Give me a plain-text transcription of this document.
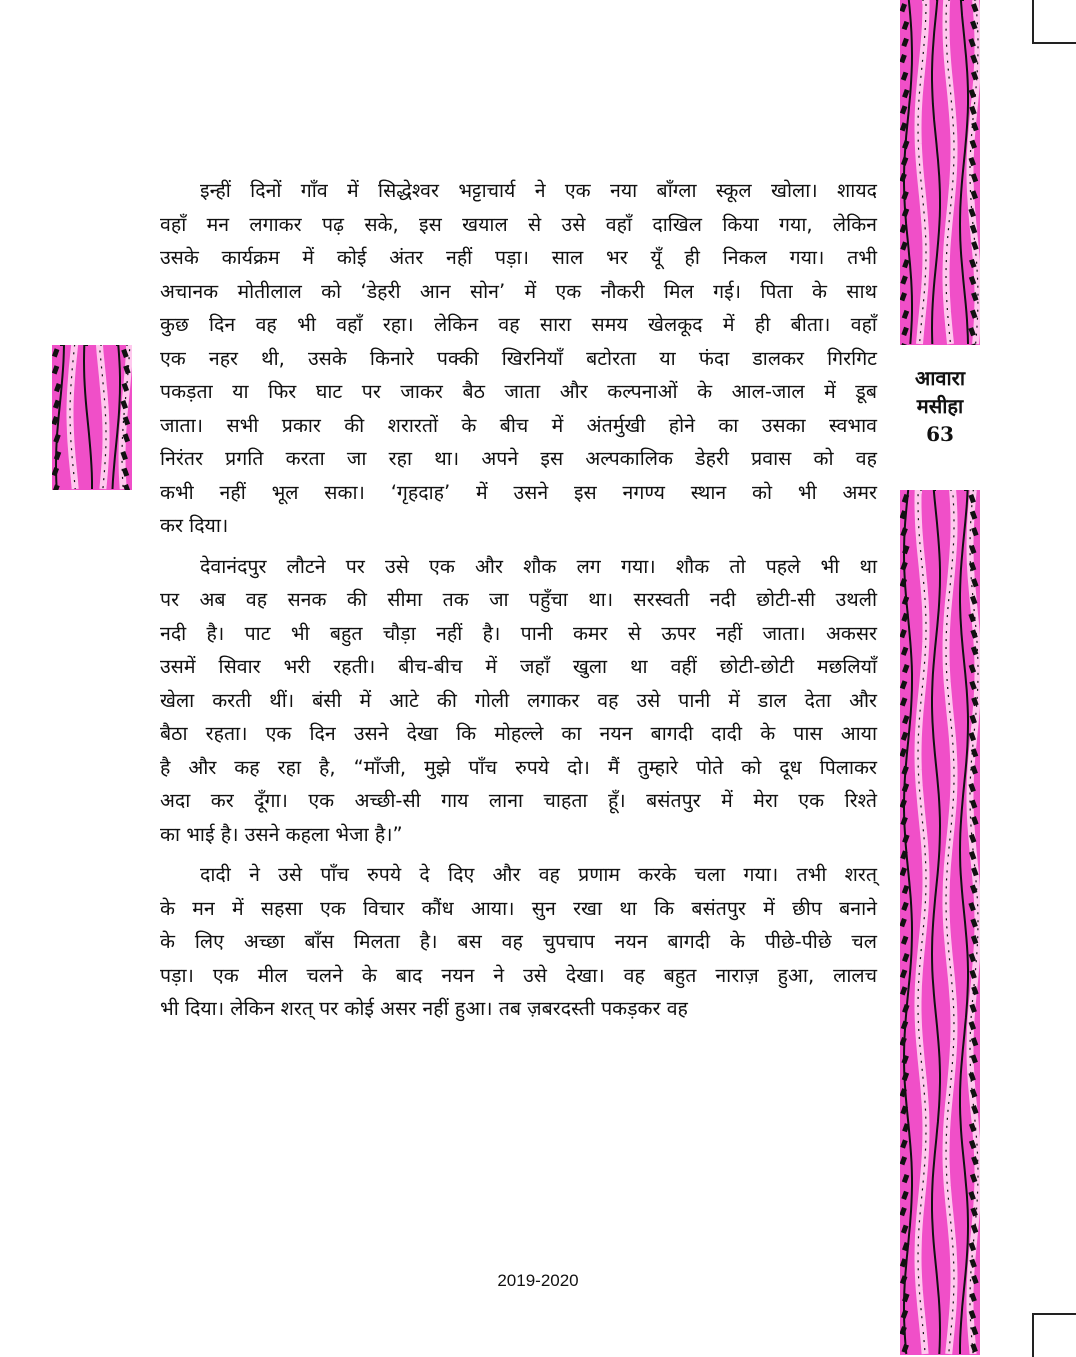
आवारा
मसीहा
63
इन्हीं दिनों गाँव में सिद्धेश्वर भट्टाचार्य ने एक नया बाँग्ला स्कूल खोला। शायद
वहाँ मन लगाकर पढ़ सके, इस खयाल से उसे वहाँ दाखिल किया गया, लेकिन
उसके कार्यक्रम में कोई अंतर नहीं पड़ा। साल भर यूँ ही निकल गया। तभी
अचानक मोतीलाल को ‘डेहरी आन सोन’ में एक नौकरी मिल गई। पिता के साथ
कुछ दिन वह भी वहाँ रहा। लेकिन वह सारा समय खेलकूद में ही बीता। वहाँ
एक नहर थी, उसके किनारे पक्की खिरनियाँ बटोरता या फंदा डालकर गिरगिट
पकड़ता या फिर घाट पर जाकर बैठ जाता और कल्पनाओं के आल-जाल में डूब
जाता। सभी प्रकार की शरारतों के बीच में अंतर्मुखी होने का उसका स्वभाव
निरंतर प्रगति करता जा रहा था। अपने इस अल्पकालिक डेहरी प्रवास को वह
कभी नहीं भूल सका। ‘गृहदाह’ में उसने इस नगण्य स्थान को भी अमर
कर दिया।
देवानंदपुर लौटने पर उसे एक और शौक लग गया। शौक तो पहले भी था
पर अब वह सनक की सीमा तक जा पहुँचा था। सरस्वती नदी छोटी-सी उथली
नदी है। पाट भी बहुत चौड़ा नहीं है। पानी कमर से ऊपर नहीं जाता। अकसर
उसमें सिवार भरी रहती। बीच-बीच में जहाँ खुला था वहीं छोटी-छोटी मछलियाँ
खेला करती थीं। बंसी में आटे की गोली लगाकर वह उसे पानी में डाल देता और
बैठा रहता। एक दिन उसने देखा कि मोहल्ले का नयन बागदी दादी के पास आया
है और कह रहा है, “माँजी, मुझे पाँच रुपये दो। मैं तुम्हारे पोते को दूध पिलाकर
अदा कर दूँगा। एक अच्छी-सी गाय लाना चाहता हूँ। बसंतपुर में मेरा एक रिश्ते
का भाई है। उसने कहला भेजा है।”
दादी ने उसे पाँच रुपये दे दिए और वह प्रणाम करके चला गया। तभी शरत्
के मन में सहसा एक विचार कौंध आया। सुन रखा था कि बसंतपुर में छीप बनाने
के लिए अच्छा बाँस मिलता है। बस वह चुपचाप नयन बागदी के पीछे-पीछे चल
पड़ा। एक मील चलने के बाद नयन ने उसे देखा। वह बहुत नाराज़ हुआ, लालच
भी दिया। लेकिन शरत् पर कोई असर नहीं हुआ। तब ज़बरदस्ती पकड़कर वह
2019-2020
